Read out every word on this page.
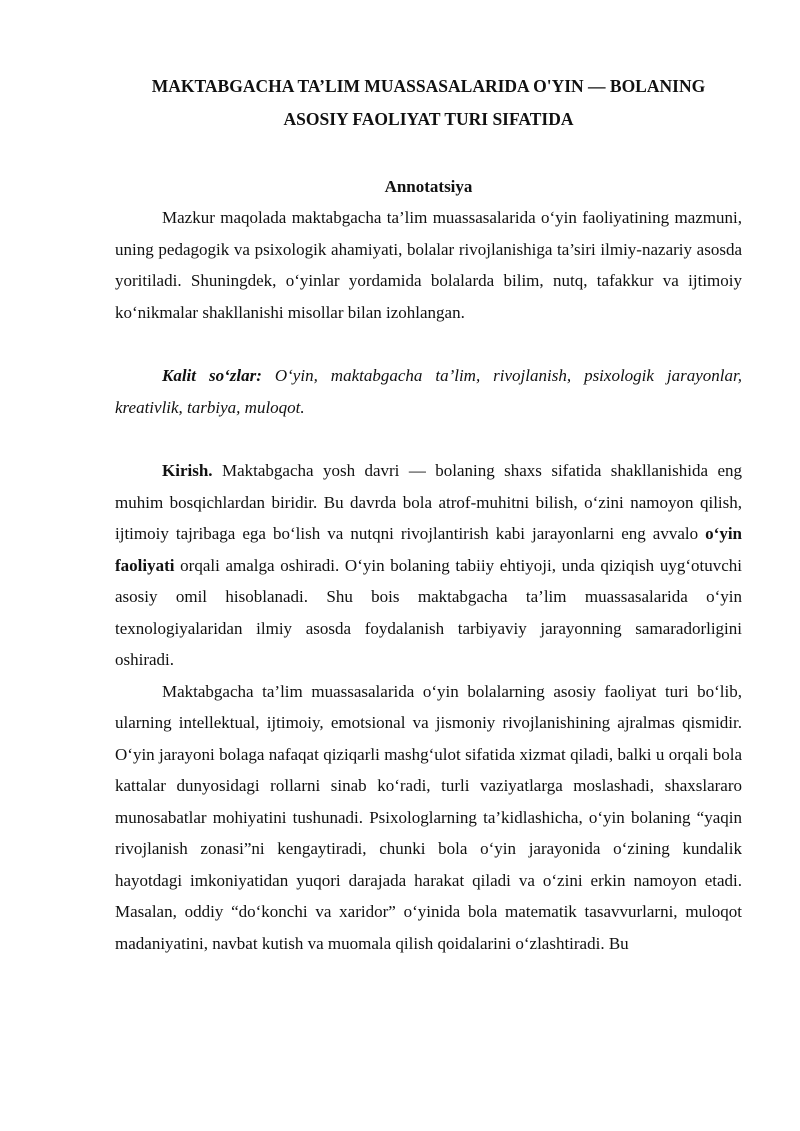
MAKTABGACHA TA’LIM MUASSASALARIDA O'YIN — BOLANING
ASOSIY FAOLIYAT TURI SIFATIDA
Annotatsiya

Mazkur maqolada maktabgacha ta’lim muassasalarida o‘yin faoliyatining mazmuni, uning pedagogik va psixologik ahamiyati, bolalar rivojlanishiga ta’siri ilmiy-nazariy asosda yoritiladi. Shuningdek, o‘yinlar yordamida bolalarda bilim, nutq, tafakkur va ijtimoiy ko‘nikmalar shakllanishi misollar bilan izohlangan.

Kalit so‘zlar: O‘yin, maktabgacha ta’lim, rivojlanish, psixologik jarayonlar, kreativlik, tarbiya, muloqot.

Kirish. Maktabgacha yosh davri — bolaning shaxs sifatida shakllanishida eng muhim bosqichlardan biridir. Bu davrda bola atrof-muhitni bilish, o‘zini namoyon qilish, ijtimoiy tajribaga ega bo‘lish va nutqni rivojlantirish kabi jarayonlarni eng avvalo o‘yin faoliyati orqali amalga oshiradi. O‘yin bolaning tabiiy ehtiyoji, unda qiziqish uyg‘otuvchi asosiy omil hisoblanadi. Shu bois maktabgacha ta’lim muassasalarida o‘yin texnologiyalaridan ilmiy asosda foydalanish tarbiyaviy jarayonning samaradorligini oshiradi.

Maktabgacha ta’lim muassasalarida o‘yin bolalarning asosiy faoliyat turi bo‘lib, ularning intellektual, ijtimoiy, emotsional va jismoniy rivojlanishining ajralmas qismidir. O‘yin jarayoni bolaga nafaqat qiziqarli mashg‘ulot sifatida xizmat qiladi, balki u orqali bola kattalar dunyosidagi rollarni sinab ko‘radi, turli vaziyatlarga moslashadi, shaxslararo munosabatlar mohiyatini tushunadi. Psixologlarning ta’kidlashicha, o‘yin bolaning “yaqin rivojlanish zonasi”ni kengaytiradi, chunki bola o‘yin jarayonida o‘zining kundalik hayotdagi imkoniyatidan yuqori darajada harakat qiladi va o‘zini erkin namoyon etadi. Masalan, oddiy “do‘konchi va xaridor” o‘yinida bola matematik tasavvurlarni, muloqot madaniyatini, navbat kutish va muomala qilish qoidalarini o‘zlashtiradi. Bu
